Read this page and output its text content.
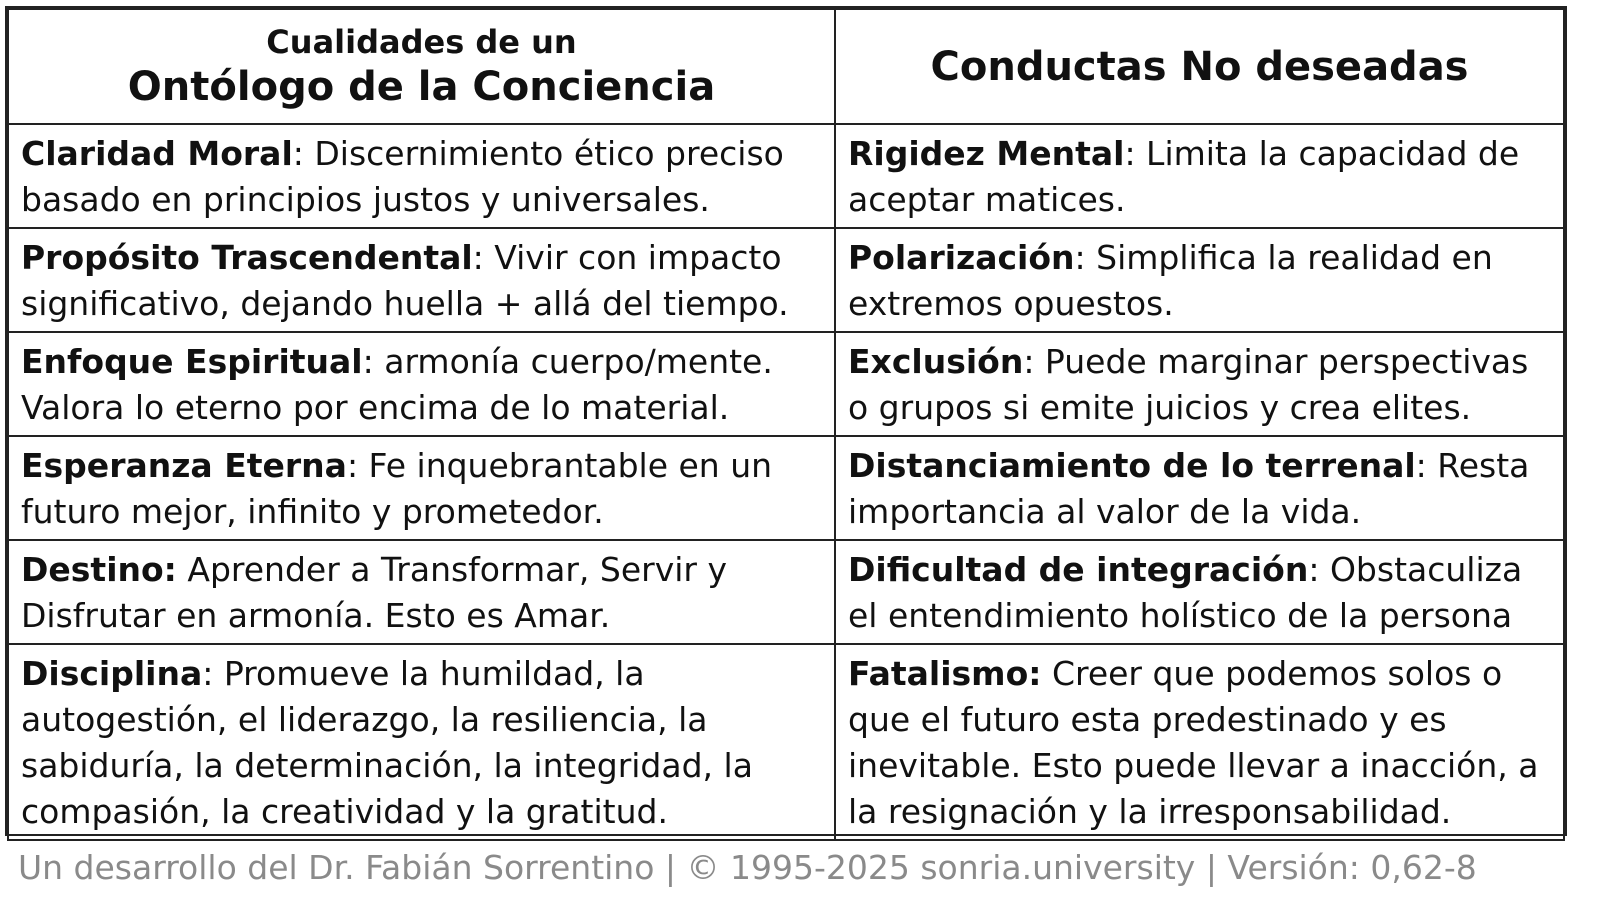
Cualidades de un
Ontólogo de la Conciencia	Conductas No deseadas
Claridad Moral: Discernimiento ético preciso basado en principios justos y universales.	Rigidez Mental: Limita la capacidad de aceptar matices.
Propósito Trascendental: Vivir con impacto significativo, dejando huella + allá del tiempo.	Polarización: Simplifica la realidad en extremos opuestos.
Enfoque Espiritual: armonía cuerpo/mente. Valora lo eterno por encima de lo material.	Exclusión: Puede marginar perspectivas o grupos si emite juicios y crea elites.
Esperanza Eterna: Fe inquebrantable en un futuro mejor, infinito y prometedor.	Distanciamiento de lo terrenal: Resta importancia al valor de la vida.
Destino: Aprender a Transformar, Servir y Disfrutar en armonía. Esto es Amar.	Dificultad de integración: Obstaculiza el entendimiento holístico de la persona
Disciplina: Promueve la humildad, la autogestión, el liderazgo, la resiliencia, la sabiduría, la determinación, la integridad, la compasión, la creatividad y la gratitud.	Fatalismo: Creer que podemos solos o que el futuro esta predestinado y es inevitable. Esto puede llevar a inacción, a la resignación y la irresponsabilidad.
Un desarrollo del Dr. Fabián Sorrentino | © 1995-2025 sonria.university | Versión: 0,62-8
